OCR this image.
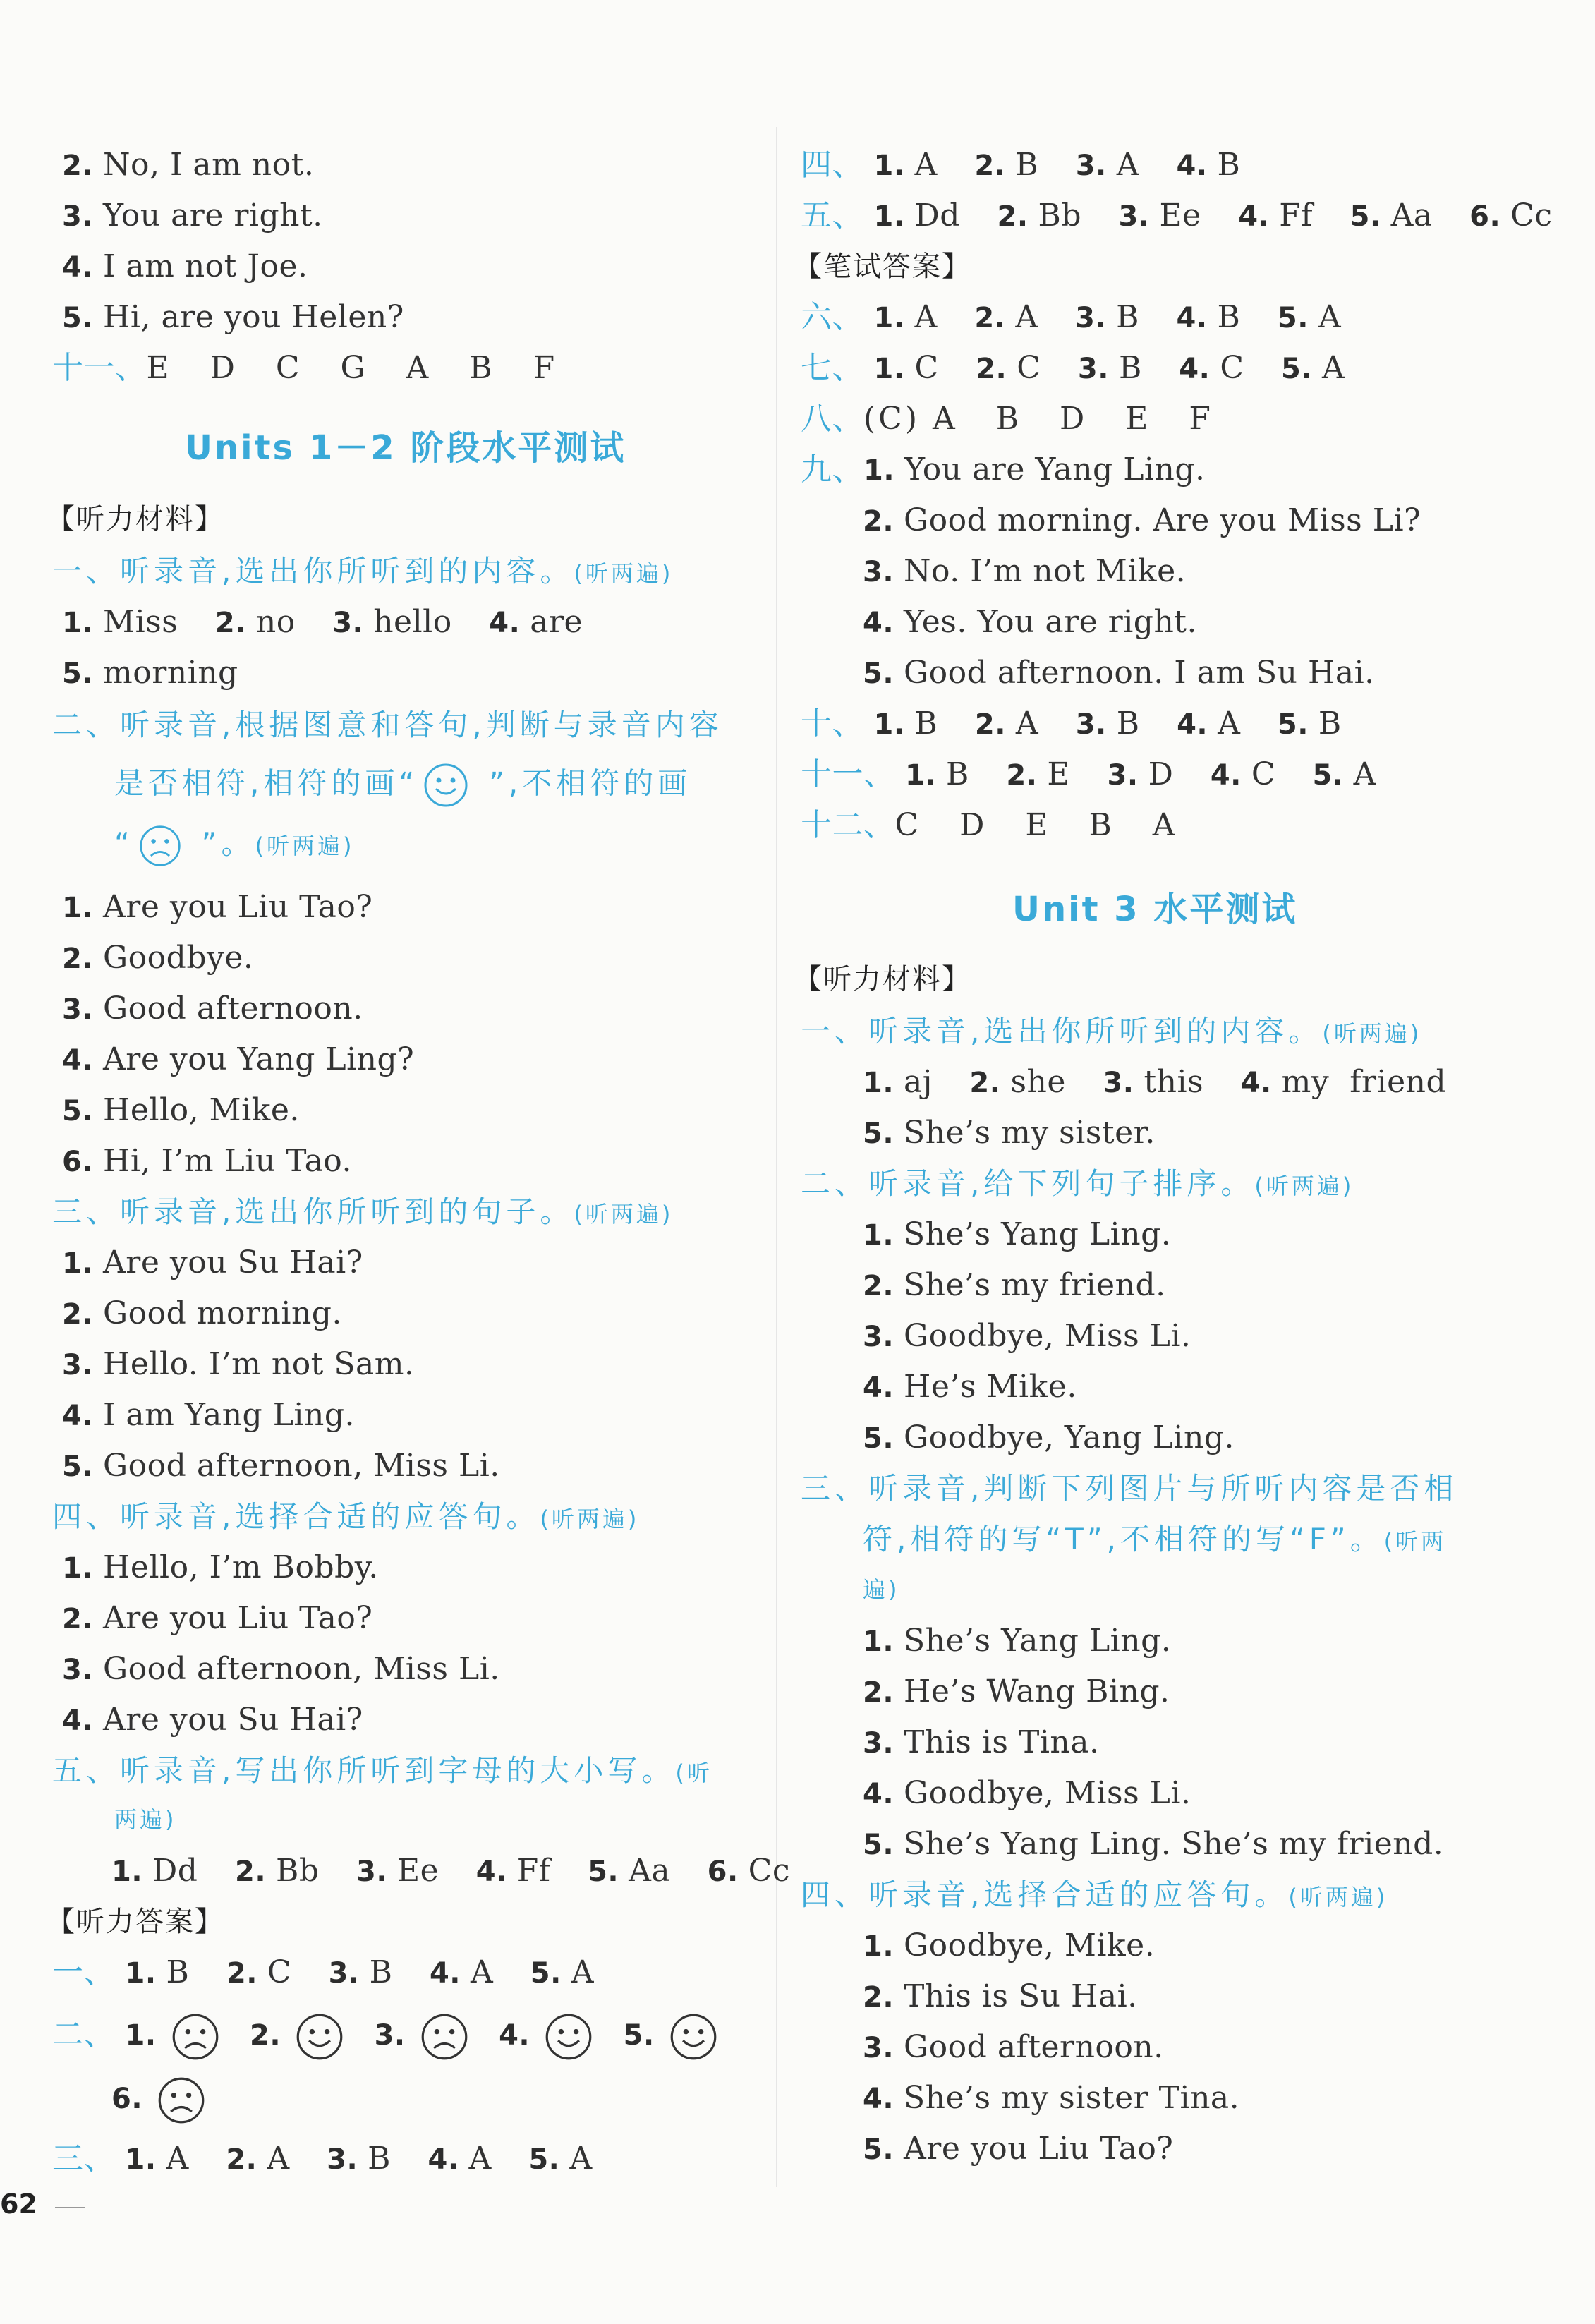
2. No, I am not.
3. You are right.
4. I am not Joe.
5. Hi, are you Helen?
十一、E   D   C   G   A   B   F
Units 1－2 阶段水平测试
【听力材料】
一、听录音,选出你所听到的内容。(听两遍)
1. Miss 2. no 3. hello 4. are
5. morning
二、听录音,根据图意和答句,判断与录音内容
是否相符,相符的画“ ”,不相符的画
“ ”。(听两遍)
1. Are you Liu Tao?
2. Goodbye.
3. Good afternoon.
4. Are you Yang Ling?
5. Hello, Mike.
6. Hi, I’m Liu Tao.
三、听录音,选出你所听到的句子。(听两遍)
1. Are you Su Hai?
2. Good morning.
3. Hello. I’m not Sam.
4. I am Yang Ling.
5. Good afternoon, Miss Li.
四、听录音,选择合适的应答句。(听两遍)
1. Hello, I’m Bobby.
2. Are you Liu Tao?
3. Good afternoon, Miss Li.
4. Are you Su Hai?
五、听录音,写出你所听到字母的大小写。(听
两遍)
1. Dd 2. Bb 3. Ee 4. Ff 5. Aa 6. Cc
【听力答案】
一、 1. B 2. C 3. B 4. A 5. A
二、 1.	2.	3.	4.	5.
6.
三、 1. A 2. A 3. B 4. A 5. A
四、 1. A 2. B 3. A 4. B
五、 1. Dd 2. Bb 3. Ee 4. Ff 5. Aa 6. Cc
【笔试答案】
六、 1. A 2. A 3. B 4. B 5. A
七、 1. C 2. C 3. B 4. C 5. A
八、(C) A   B   D   E   F
九、1. You are Yang Ling.
2. Good morning. Are you Miss Li?
3. No. I’m not Mike.
4. Yes. You are right.
5. Good afternoon. I am Su Hai.
十、 1. B 2. A 3. B 4. A 5. B
十一、 1. B 2. E 3. D 4. C 5. A
十二、C   D   E   B   A
Unit 3 水平测试
【听力材料】
一、听录音,选出你所听到的内容。(听两遍)
1. aj 2. she 3. this 4. my  friend
5. She’s my sister.
二、听录音,给下列句子排序。(听两遍)
1. She’s Yang Ling.
2. She’s my friend.
3. Goodbye, Miss Li.
4. He’s Mike.
5. Goodbye, Yang Ling.
三、听录音,判断下列图片与所听内容是否相
符,相符的写“T”,不相符的写“F”。(听两
遍)
1. She’s Yang Ling.
2. He’s Wang Bing.
3. This is Tina.
4. Goodbye, Miss Li.
5. She’s Yang Ling. She’s my friend.
四、听录音,选择合适的应答句。(听两遍)
1. Goodbye, Mike.
2. This is Su Hai.
3. Good afternoon.
4. She’s my sister Tina.
5. Are you Liu Tao?
62
